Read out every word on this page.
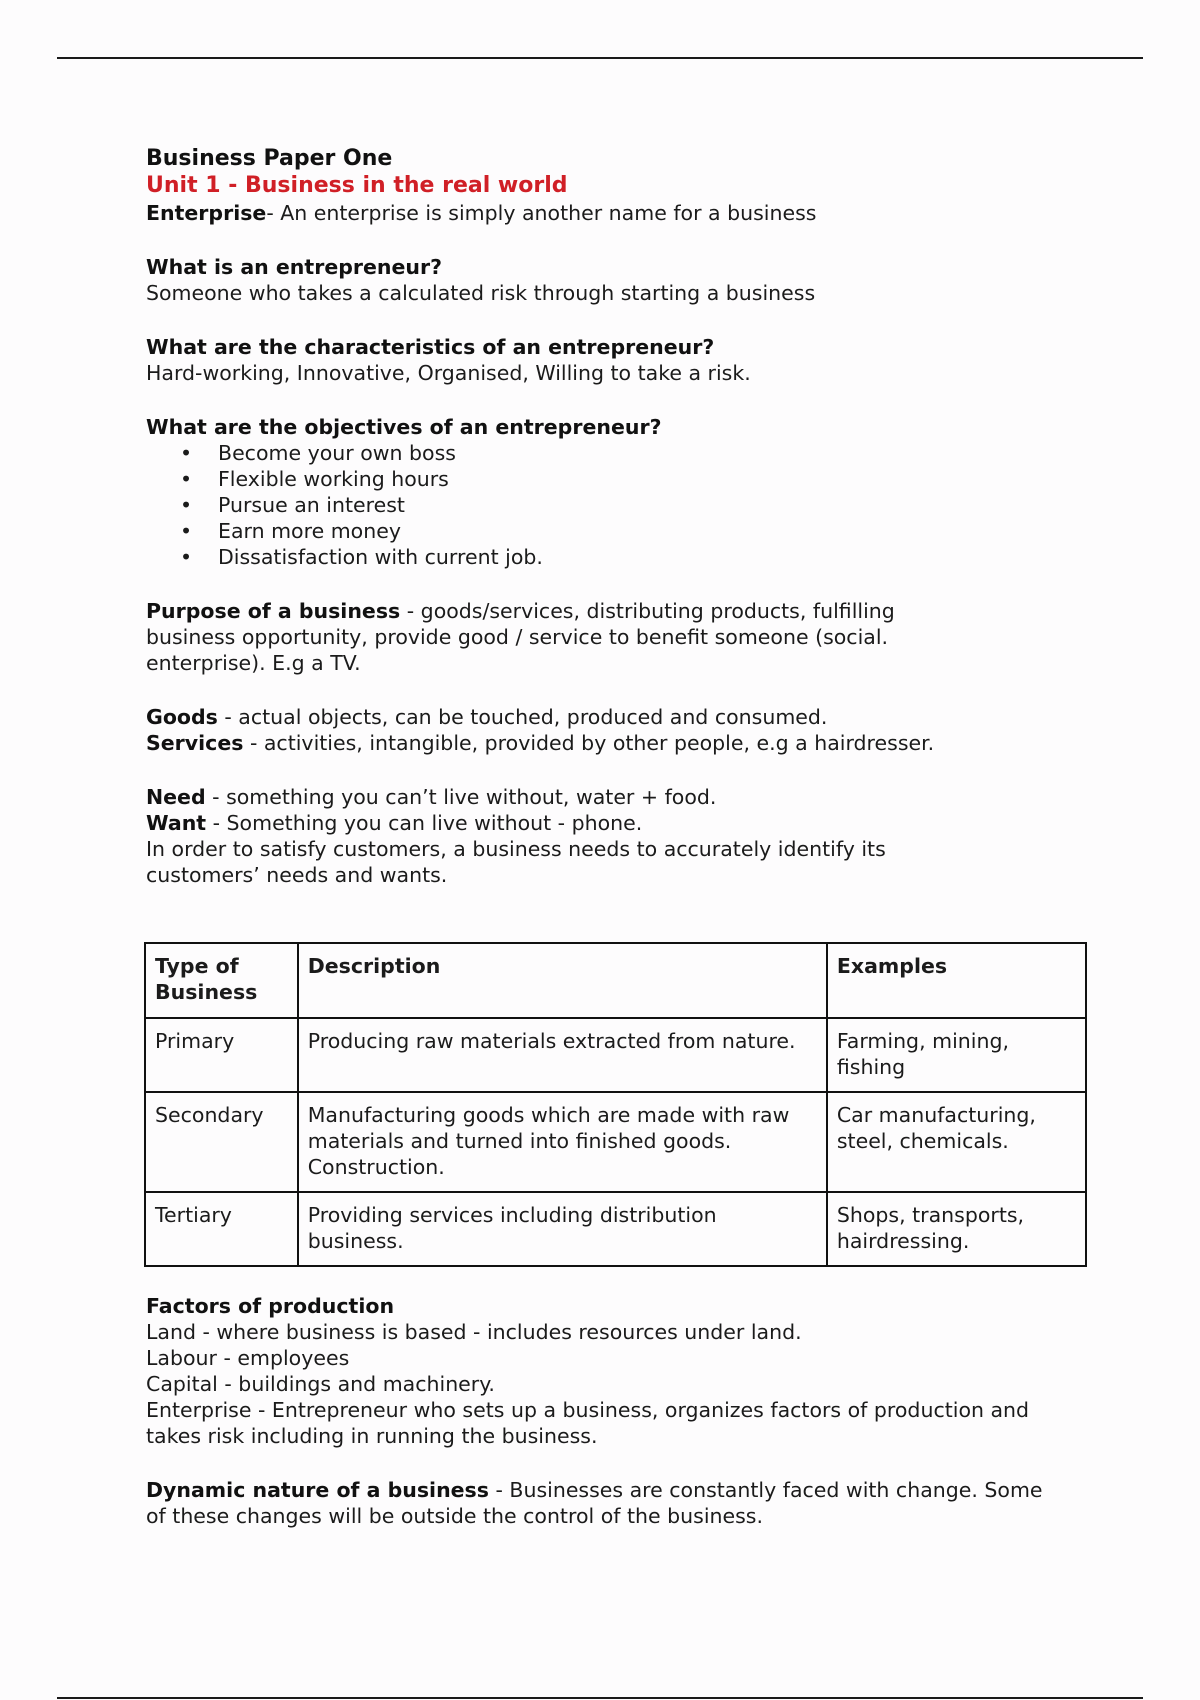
Business Paper One

Unit 1 - Business in the real world

Enterprise- An enterprise is simply another name for a business

What is an entrepreneur?

Someone who takes a calculated risk through starting a business

What are the characteristics of an entrepreneur?

Hard-working, Innovative, Organised, Willing to take a risk.

What are the objectives of an entrepreneur?

• Become your own boss
• Flexible working hours
• Pursue an interest
• Earn more money
• Dissatisfaction with current job.

Purpose of a business - goods/services, distributing products, fulfilling business opportunity, provide good / service to benefit someone (social. enterprise). E.g a TV.

Goods - actual objects, can be touched, produced and consumed.

Services - activities, intangible, provided by other people, e.g a hairdresser.

Need - something you can’t live without, water + food.

Want - Something you can live without - phone.

In order to satisfy customers, a business needs to accurately identify its customers’ needs and wants.

Type of Business	Description	Examples
Primary	Producing raw materials extracted from nature.	Farming, mining, fishing
Secondary	Manufacturing goods which are made with raw materials and turned into finished goods. Construction.	Car manufacturing, steel, chemicals.
Tertiary	Providing services including distribution business.	Shops, transports, hairdressing.

Factors of production

Land - where business is based - includes resources under land.

Labour - employees

Capital - buildings and machinery.

Enterprise - Entrepreneur who sets up a business, organizes factors of production and takes risk including in running the business.

Dynamic nature of a business - Businesses are constantly faced with change. Some of these changes will be outside the control of the business.
